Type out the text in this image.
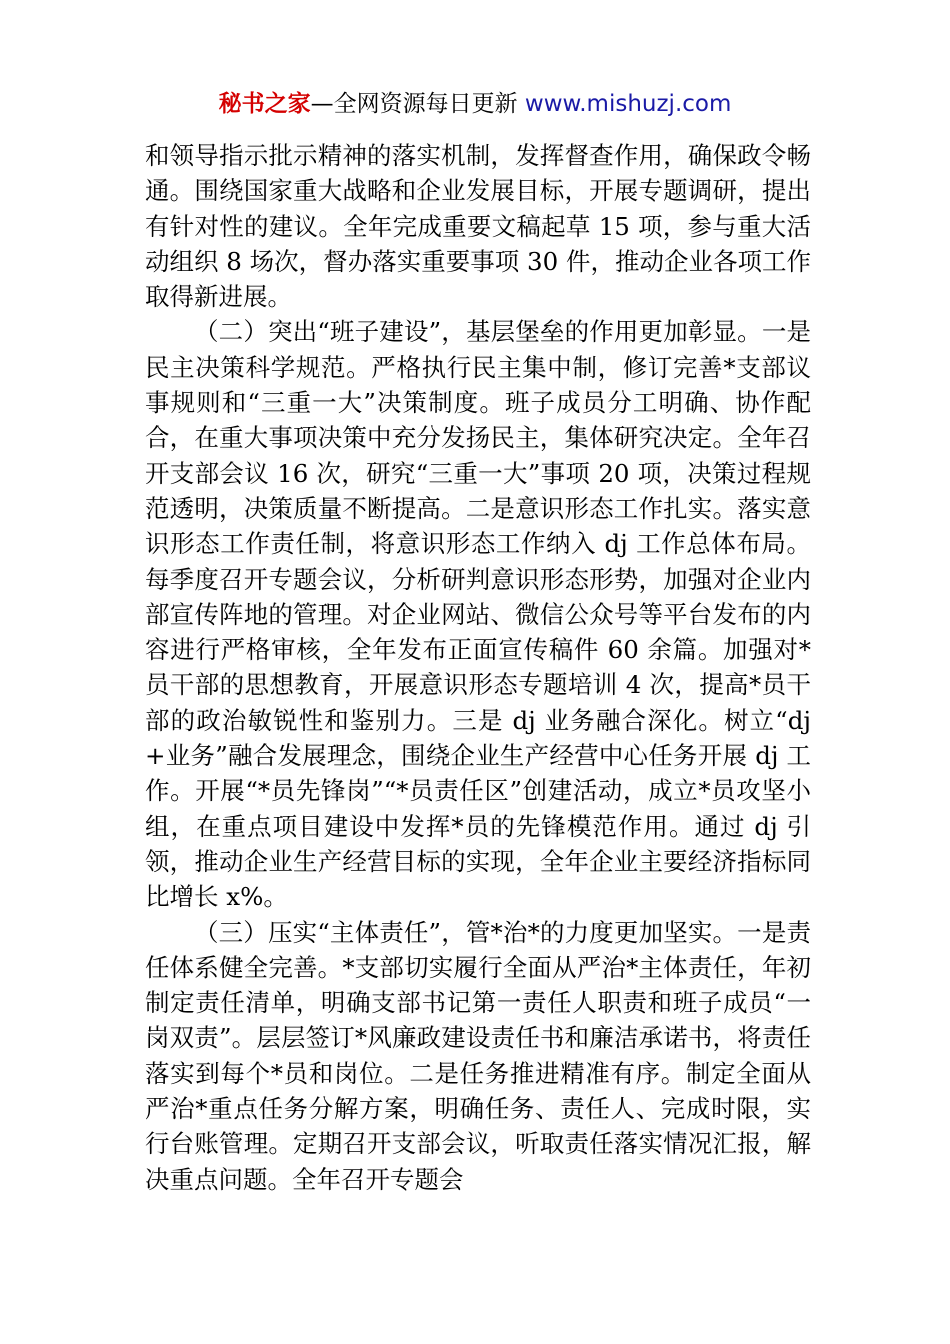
秘书之家—全网资源每日更新 www.mishuzj.com

和领导指示批示精神的落实机制，发挥督查作用，确保政令畅通。围绕国家重大战略和企业发展目标，开展专题调研，提出有针对性的建议。全年完成重要文稿起草 15 项，参与重大活动组织 8 场次，督办落实重要事项 30 件，推动企业各项工作取得新进展。

（二）突出“班子建设”，基层堡垒的作用更加彰显。一是民主决策科学规范。严格执行民主集中制，修订完善*支部议事规则和“三重一大”决策制度。班子成员分工明确、协作配合，在重大事项决策中充分发扬民主，集体研究决定。全年召开支部会议 16 次，研究“三重一大”事项 20 项，决策过程规范透明，决策质量不断提高。二是意识形态工作扎实。落实意识形态工作责任制，将意识形态工作纳入 dj 工作总体布局。每季度召开专题会议，分析研判意识形态形势，加强对企业内部宣传阵地的管理。对企业网站、微信公众号等平台发布的内容进行严格审核，全年发布正面宣传稿件 60 余篇。加强对*员干部的思想教育，开展意识形态专题培训 4 次，提高*员干部的政治敏锐性和鉴别力。三是 dj 业务融合深化。树立“dj+业务”融合发展理念，围绕企业生产经营中心任务开展 dj 工作。开展“*员先锋岗”“*员责任区”创建活动，成立*员攻坚小组，在重点项目建设中发挥*员的先锋模范作用。通过 dj 引领，推动企业生产经营目标的实现，全年企业主要经济指标同比增长 x%。

（三）压实“主体责任”，管*治*的力度更加坚实。一是责任体系健全完善。*支部切实履行全面从严治*主体责任，年初制定责任清单，明确支部书记第一责任人职责和班子成员“一岗双责”。层层签订*风廉政建设责任书和廉洁承诺书，将责任落实到每个*员和岗位。二是任务推进精准有序。制定全面从严治*重点任务分解方案，明确任务、责任人、完成时限，实行台账管理。定期召开支部会议，听取责任落实情况汇报，解决重点问题。全年召开专题会
